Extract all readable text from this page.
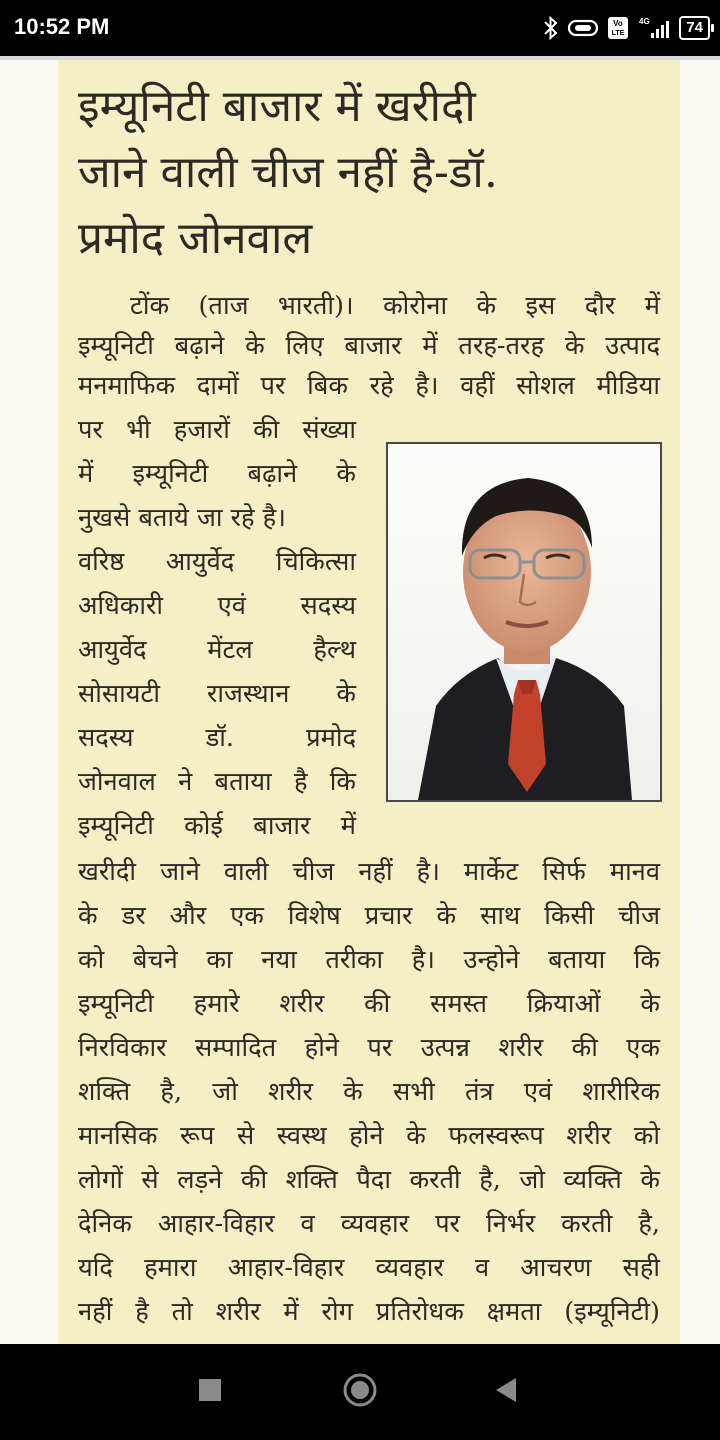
10:52 PM	Vo
LTE
4G	74
इम्यूनिटी बाजार में खरीदी
जाने वाली चीज नहीं है-डॉ.
प्रमोद जोनवाल
टोंक (ताज भारती)। कोरोना के इस दौर में
इम्यूनिटी बढ़ाने के लिए बाजार में तरह-तरह के उत्पाद
मनमाफिक दामों पर बिक रहे है। वहीं सोशल मीडिया
पर भी हजारों की संख्या
में इम्यूनिटी बढ़ाने के
नुखसे बताये जा रहे है।
वरिष्ठ आयुर्वेद चिकित्सा
अधिकारी एवं सदस्य
आयुर्वेद मेंटल हैल्थ
सोसायटी राजस्थान के
सदस्य डॉ. प्रमोद
जोनवाल ने बताया है कि
इम्यूनिटी कोई बाजार में
खरीदी जाने वाली चीज नहीं है। मार्केट सिर्फ मानव
के डर और एक विशेष प्रचार के साथ किसी चीज
को बेचने का नया तरीका है। उन्होने बताया कि
इम्यूनिटी हमारे शरीर की समस्त क्रियाओं के
निरविकार सम्पादित होने पर उत्पन्न शरीर की एक
शक्ति है, जो शरीर के सभी तंत्र एवं शारीरिक
मानसिक रूप से स्वस्थ होने के फलस्वरूप शरीर को
लोगों से लड़ने की शक्ति पैदा करती है, जो व्यक्ति के
देनिक आहार-विहार व व्यवहार पर निर्भर करती है,
यदि हमारा आहार-विहार व्यवहार व आचरण सही
नहीं है तो शरीर में रोग प्रतिरोधक क्षमता (इम्यूनिटी)
